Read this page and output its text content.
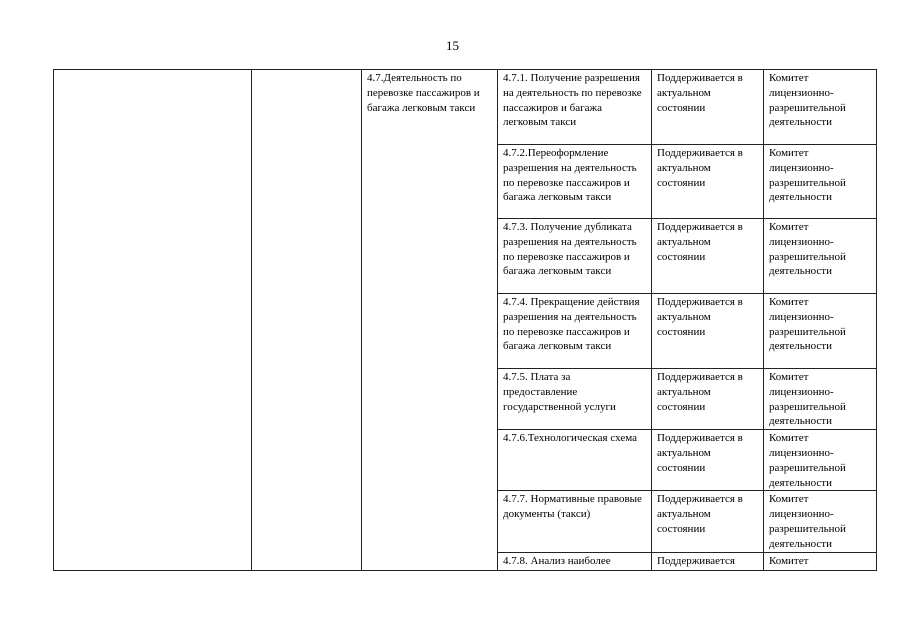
15

		4.7.Деятельность по перевозке пассажиров и багажа легковым такси	4.7.1. Получение разрешения на деятельность по перевозке пассажиров и багажа легковым такси	Поддерживается в актуальном состоянии	Комитет лицензионно-разрешительной деятельности

			4.7.2.Переоформление разрешения на деятельность по перевозке пассажиров и багажа легковым такси	Поддерживается в актуальном состоянии	Комитет лицензионно-разрешительной деятельности

			4.7.3. Получение дубликата разрешения на деятельность по перевозке пассажиров и багажа легковым такси	Поддерживается в актуальном состоянии	Комитет лицензионно-разрешительной деятельности

			4.7.4. Прекращение действия разрешения на деятельность по перевозке пассажиров и багажа легковым такси	Поддерживается в актуальном состоянии	Комитет лицензионно-разрешительной деятельности

			4.7.5. Плата за предоставление государственной услуги	Поддерживается в актуальном состоянии	Комитет лицензионно-разрешительной деятельности

			4.7.6.Технологическая схема	Поддерживается в актуальном состоянии	Комитет лицензионно-разрешительной деятельности

			4.7.7. Нормативные правовые документы (такси)	Поддерживается в актуальном состоянии	Комитет лицензионно-разрешительной деятельности

			4.7.8. Анализ наиболее	Поддерживается	Комитет
